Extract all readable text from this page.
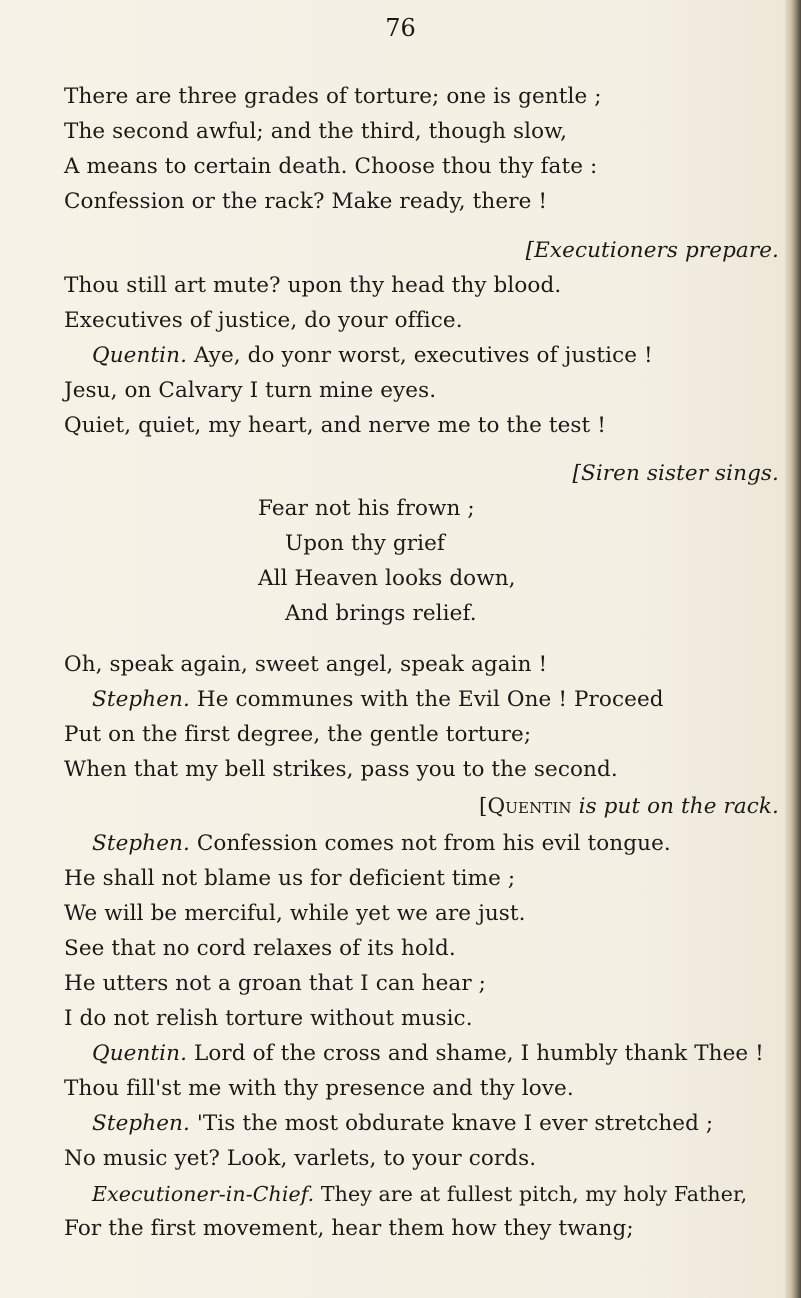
76
There are three grades of torture; one is gentle ;
The second awful; and the third, though slow,
A means to certain death. Choose thou thy fate :
Confession or the rack? Make ready, there !
[Executioners prepare.
Thou still art mute? upon thy head thy blood.
Executives of justice, do your office.
Quentin. Aye, do yonr worst, executives of justice !
Jesu, on Calvary I turn mine eyes.
Quiet, quiet, my heart, and nerve me to the test !
[Siren sister sings.
Fear not his frown ;
Upon thy grief
All Heaven looks down,
And brings relief.
Oh, speak again, sweet angel, speak again !
Stephen. He communes with the Evil One ! Proceed
Put on the first degree, the gentle torture;
When that my bell strikes, pass you to the second.
[Quentin is put on the rack.
Stephen. Confession comes not from his evil tongue.
He shall not blame us for deficient time ;
We will be merciful, while yet we are just.
See that no cord relaxes of its hold.
He utters not a groan that I can hear ;
I do not relish torture without music.
Quentin. Lord of the cross and shame, I humbly thank Thee !
Thou fill'st me with thy presence and thy love.
Stephen. 'Tis the most obdurate knave I ever stretched ;
No music yet? Look, varlets, to your cords.
Executioner-in-Chief. They are at fullest pitch, my holy Father,
For the first movement, hear them how they twang;
